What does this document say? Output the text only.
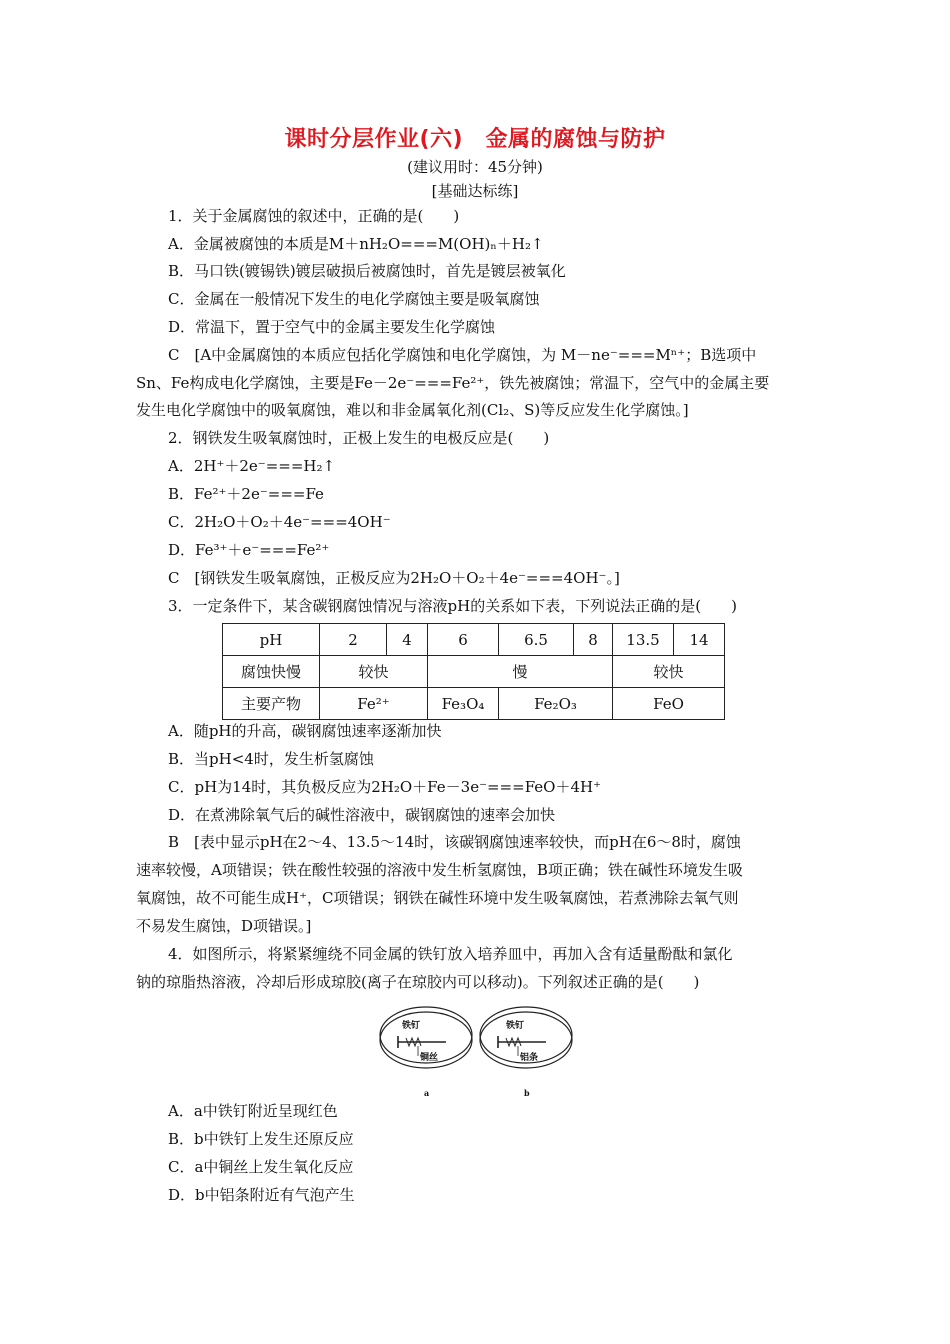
课时分层作业(六)　金属的腐蚀与防护
(建议用时：45分钟)
[基础达标练]
1．关于金属腐蚀的叙述中，正确的是(　　)
A．金属被腐蚀的本质是M＋nH₂O===M(OH)ₙ＋H₂↑
B．马口铁(镀锡铁)镀层破损后被腐蚀时，首先是镀层被氧化
C．金属在一般情况下发生的电化学腐蚀主要是吸氧腐蚀
D．常温下，置于空气中的金属主要发生化学腐蚀
C　[A中金属腐蚀的本质应包括化学腐蚀和电化学腐蚀，为 M－ne⁻===Mⁿ⁺；B选项中
Sn、Fe构成电化学腐蚀，主要是Fe－2e⁻===Fe²⁺，铁先被腐蚀；常温下，空气中的金属主要
发生电化学腐蚀中的吸氧腐蚀，难以和非金属氧化剂(Cl₂、S)等反应发生化学腐蚀。]
2．钢铁发生吸氧腐蚀时，正极上发生的电极反应是(　　)
A．2H⁺＋2e⁻===H₂↑
B．Fe²⁺＋2e⁻===Fe
C．2H₂O＋O₂＋4e⁻===4OH⁻
D．Fe³⁺＋e⁻===Fe²⁺
C　[钢铁发生吸氧腐蚀，正极反应为2H₂O＋O₂＋4e⁻===4OH⁻。]
3．一定条件下，某含碳钢腐蚀情况与溶液pH的关系如下表，下列说法正确的是(　　)
pH	2	4	6	6.5	8	13.5	14
腐蚀快慢	较快		慢			较快	
主要产物	Fe²⁺		Fe₃O₄	Fe₂O₃		FeO	
A．随pH的升高，碳钢腐蚀速率逐渐加快
B．当pH<4时，发生析氢腐蚀
C．pH为14时，其负极反应为2H₂O＋Fe－3e⁻===FeO＋4H⁺
D．在煮沸除氧气后的碱性溶液中，碳钢腐蚀的速率会加快
B　[表中显示pH在2～4、13.5～14时，该碳钢腐蚀速率较快，而pH在6～8时，腐蚀
速率较慢，A项错误；铁在酸性较强的溶液中发生析氢腐蚀，B项正确；铁在碱性环境发生吸
氧腐蚀，故不可能生成H⁺，C项错误；钢铁在碱性环境中发生吸氧腐蚀，若煮沸除去氧气则
不易发生腐蚀，D项错误。]
4．如图所示，将紧紧缠绕不同金属的铁钉放入培养皿中，再加入含有适量酚酞和氯化
钠的琼脂热溶液，冷却后形成琼胶(离子在琼胶内可以移动)。下列叙述正确的是(　　)
铁钉
铜丝
a
铁钉
铝条
b
A．a中铁钉附近呈现红色
B．b中铁钉上发生还原反应
C．a中铜丝上发生氧化反应
D．b中铝条附近有气泡产生
